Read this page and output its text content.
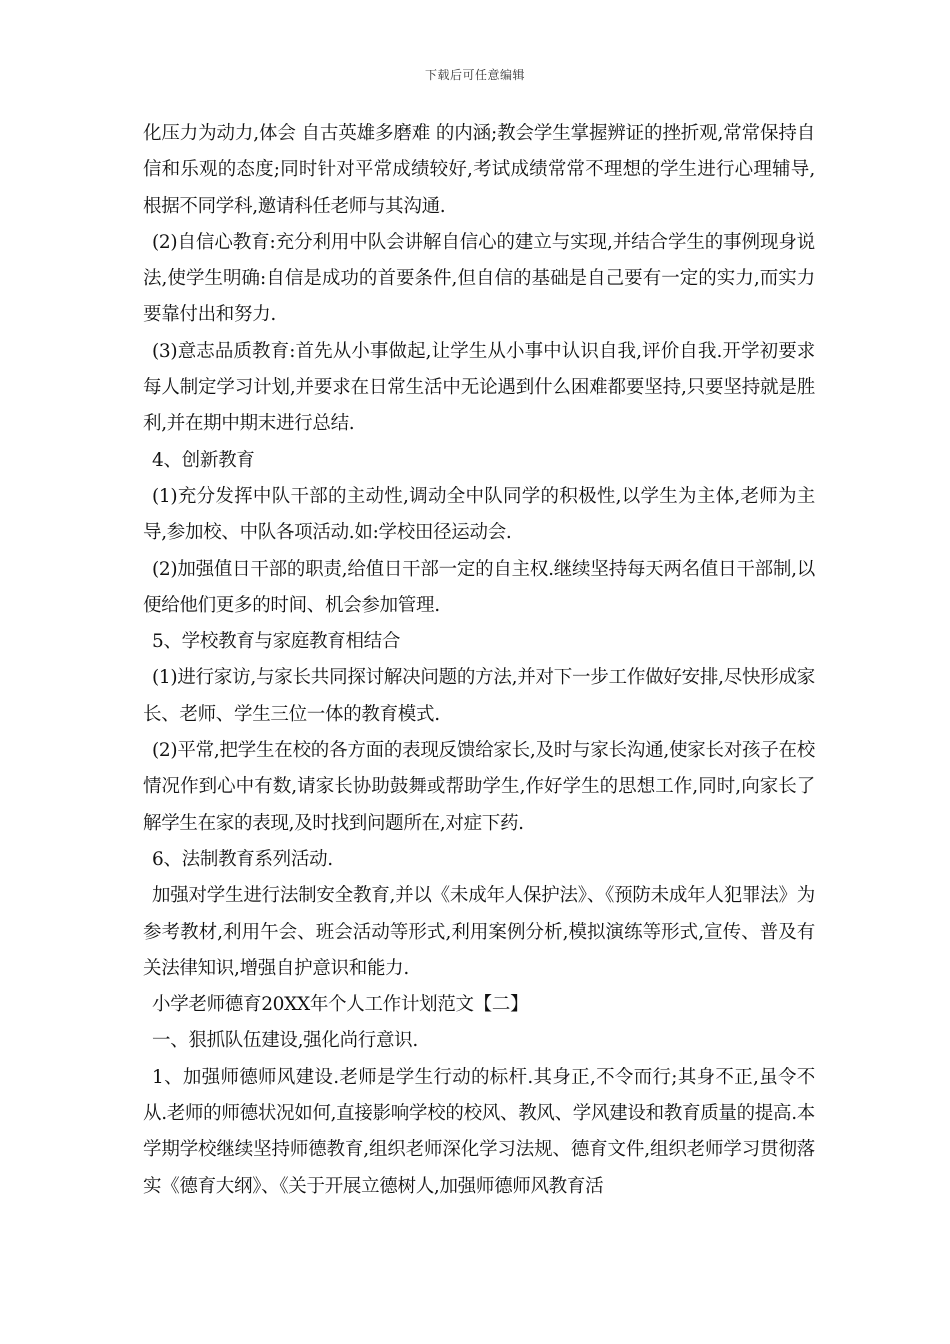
下载后可任意编辑

化压力为动力,体会 自古英雄多磨难 的内涵;教会学生掌握辨证的挫折观,常常保持自信和乐观的态度;同时针对平常成绩较好,考试成绩常常不理想的学生进行心理辅导,根据不同学科,邀请科任老师与其沟通.

(2)自信心教育:充分利用中队会讲解自信心的建立与实现,并结合学生的事例现身说法,使学生明确:自信是成功的首要条件,但自信的基础是自己要有一定的实力,而实力要靠付出和努力.

(3)意志品质教育:首先从小事做起,让学生从小事中认识自我,评价自我.开学初要求每人制定学习计划,并要求在日常生活中无论遇到什么困难都要坚持,只要坚持就是胜利,并在期中期末进行总结.

4、创新教育

(1)充分发挥中队干部的主动性,调动全中队同学的积极性,以学生为主体,老师为主导,参加校、中队各项活动.如:学校田径运动会.

(2)加强值日干部的职责,给值日干部一定的自主权.继续坚持每天两名值日干部制,以便给他们更多的时间、机会参加管理.

5、学校教育与家庭教育相结合

(1)进行家访,与家长共同探讨解决问题的方法,并对下一步工作做好安排,尽快形成家长、老师、学生三位一体的教育模式.

(2)平常,把学生在校的各方面的表现反馈给家长,及时与家长沟通,使家长对孩子在校情况作到心中有数,请家长协助鼓舞或帮助学生,作好学生的思想工作,同时,向家长了解学生在家的表现,及时找到问题所在,对症下药.

6、法制教育系列活动.

加强对学生进行法制安全教育,并以《未成年人保护法》、《预防未成年人犯罪法》为参考教材,利用午会、班会活动等形式,利用案例分析,模拟演练等形式,宣传、普及有关法律知识,增强自护意识和能力.

小学老师德育20XX年个人工作计划范文【二】

一、狠抓队伍建设,强化尚行意识.

1、加强师德师风建设.老师是学生行动的标杆.其身正,不令而行;其身不正,虽令不从.老师的师德状况如何,直接影响学校的校风、教风、学风建设和教育质量的提高.本学期学校继续坚持师德教育,组织老师深化学习法规、德育文件,组织老师学习贯彻落实《德育大纲》、《关于开展立德树人,加强师德师风教育活
